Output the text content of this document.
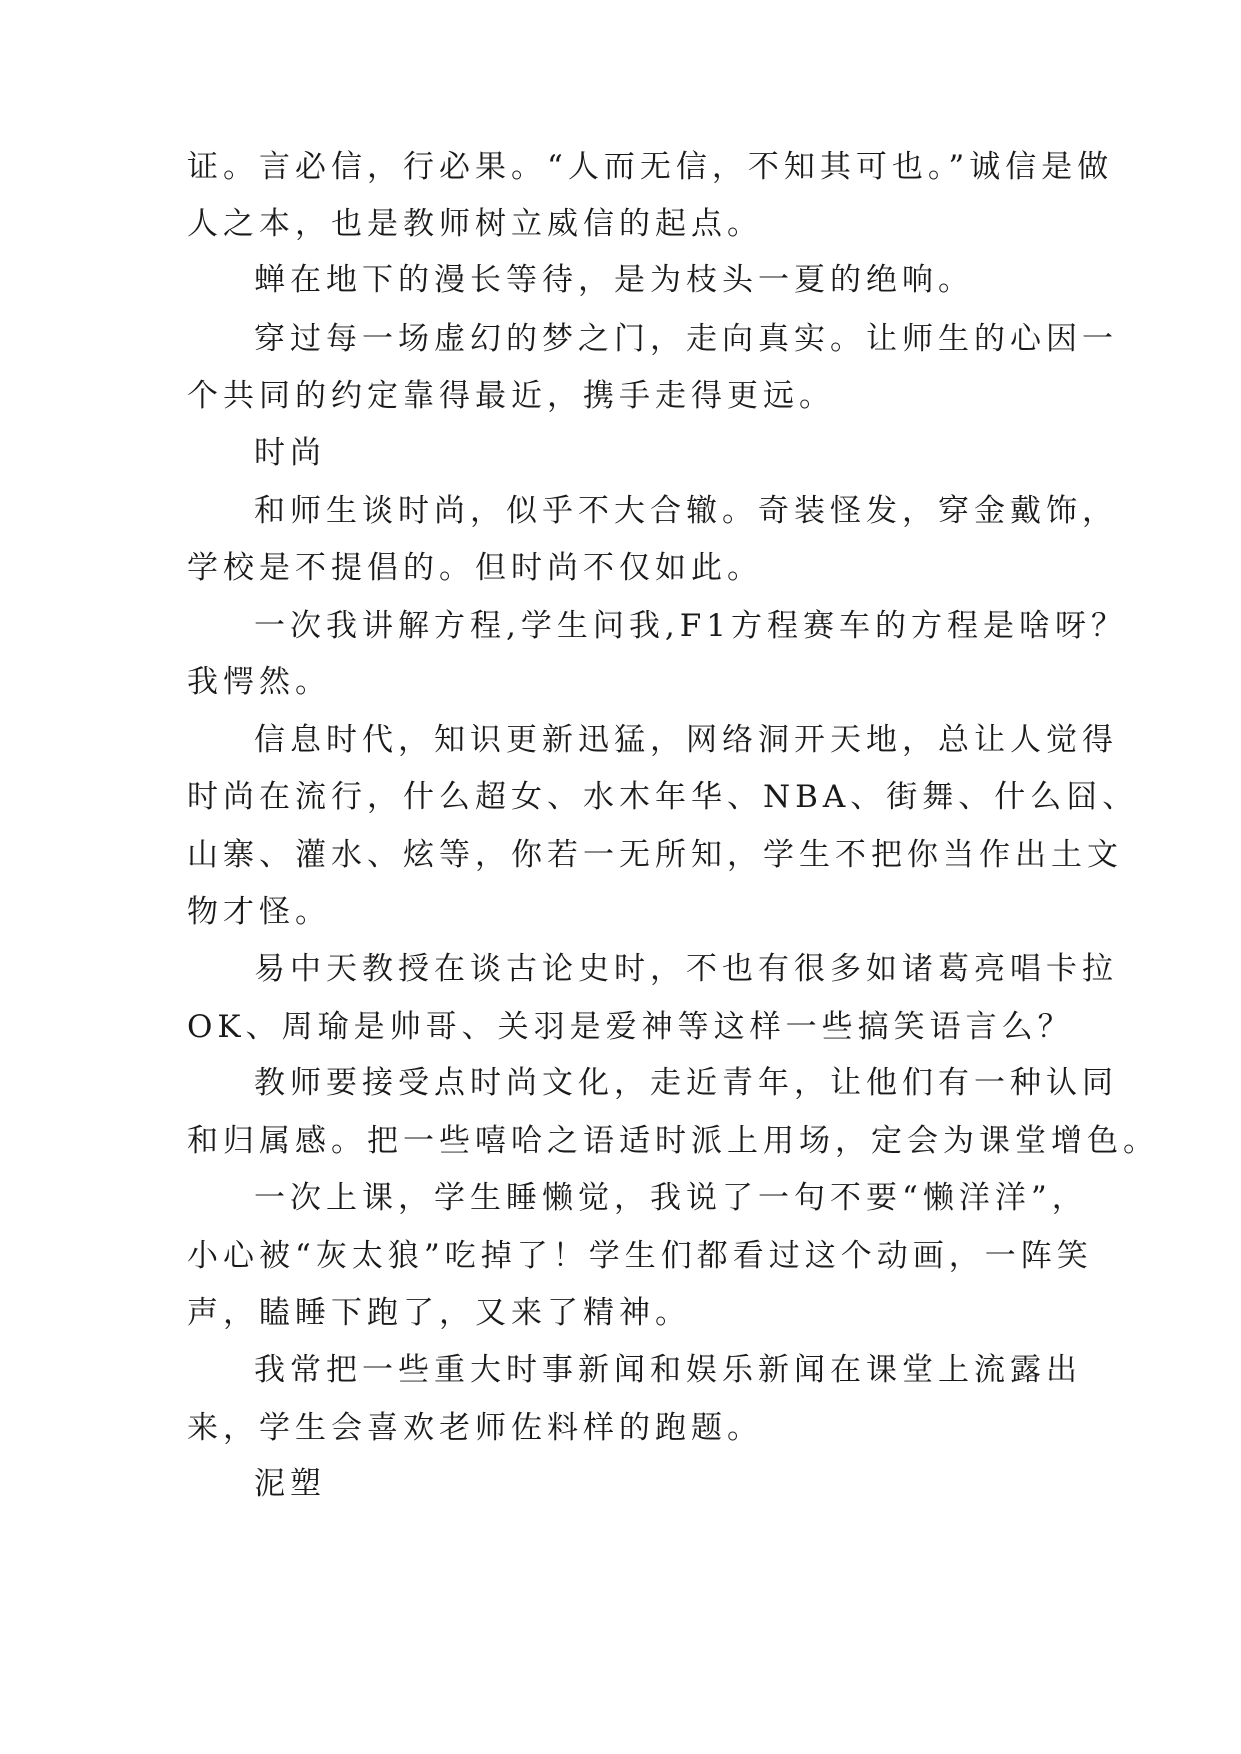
证。言必信，行必果。“人而无信，不知其可也。”诚信是做
人之本，也是教师树立威信的起点。
蝉在地下的漫长等待，是为枝头一夏的绝响。
穿过每一场虚幻的梦之门，走向真实。让师生的心因一
个共同的约定靠得最近，携手走得更远。
时尚
和师生谈时尚，似乎不大合辙。奇装怪发，穿金戴饰，
学校是不提倡的。但时尚不仅如此。
一次我讲解方程,学生问我,F1方程赛车的方程是啥呀？
我愕然。
信息时代，知识更新迅猛，网络洞开天地，总让人觉得
时尚在流行，什么超女、水木年华、NBA、街舞、什么囧、
山寨、灌水、炫等，你若一无所知，学生不把你当作出土文
物才怪。
易中天教授在谈古论史时，不也有很多如诸葛亮唱卡拉
OK、周瑜是帅哥、关羽是爱神等这样一些搞笑语言么？
教师要接受点时尚文化，走近青年，让他们有一种认同
和归属感。把一些嘻哈之语适时派上用场，定会为课堂增色。
一次上课，学生睡懒觉，我说了一句不要“懒洋洋”，
小心被“灰太狼”吃掉了！学生们都看过这个动画，一阵笑
声，瞌睡下跑了，又来了精神。
我常把一些重大时事新闻和娱乐新闻在课堂上流露出
来，学生会喜欢老师佐料样的跑题。
泥塑
